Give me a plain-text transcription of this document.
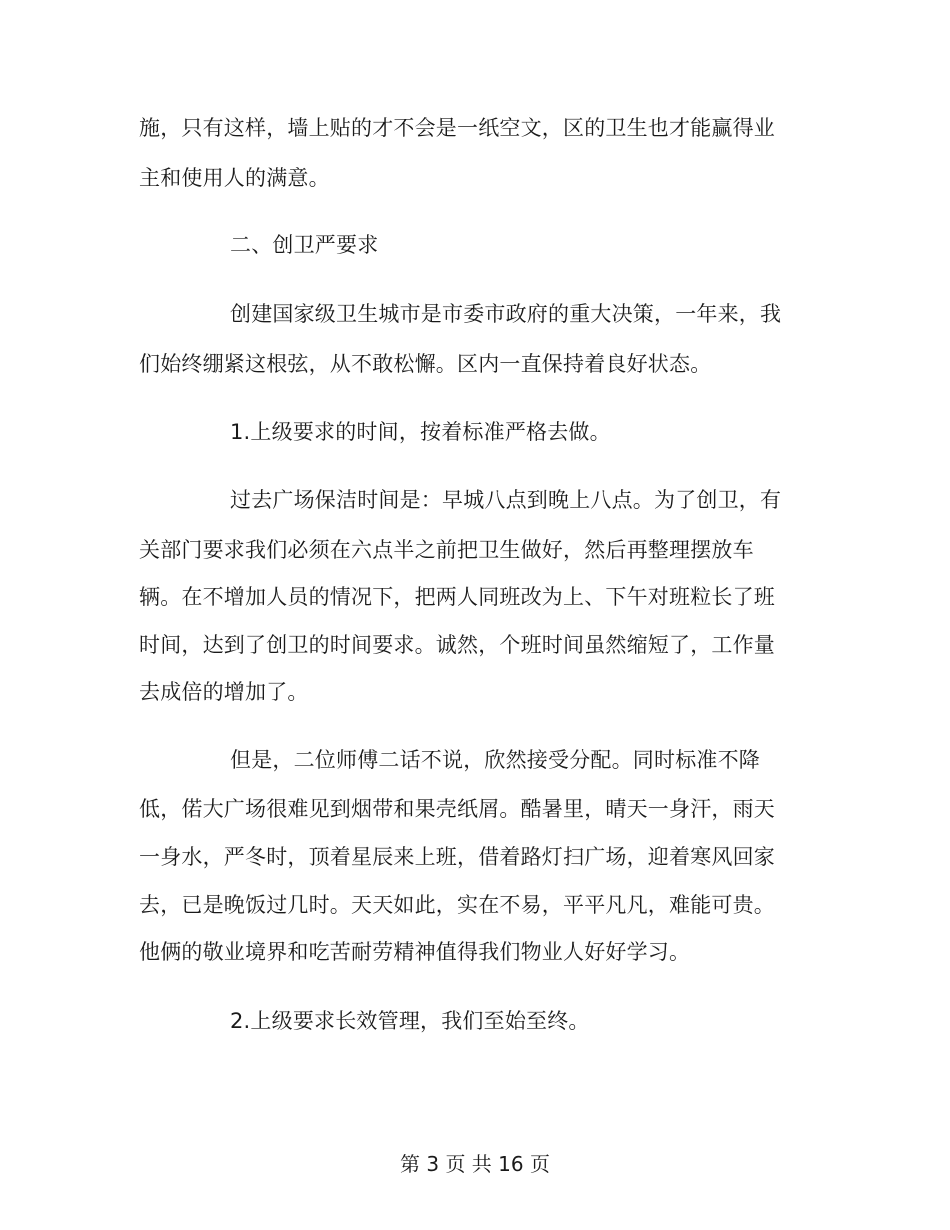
施，只有这样，墙上贴的才不会是一纸空文，区的卫生也才能赢得业
主和使用人的满意。
二、创卫严要求
创建国家级卫生城市是市委市政府的重大决策，一年来，我
们始终绷紧这根弦，从不敢松懈。区内一直保持着良好状态。
1.上级要求的时间，按着标准严格去做。
过去广场保洁时间是：早城八点到晚上八点。为了创卫，有
关部门要求我们必须在六点半之前把卫生做好，然后再整理摆放车
辆。在不增加人员的情况下，把两人同班改为上、下午对班粒长了班
时间，达到了创卫的时间要求。诚然，个班时间虽然缩短了，工作量
去成倍的增加了。
但是，二位师傅二话不说，欣然接受分配。同时标准不降
低，偌大广场很难见到烟带和果壳纸屑。酷暑里，晴天一身汗，雨天
一身水，严冬时，顶着星辰来上班，借着路灯扫广场，迎着寒风回家
去，已是晚饭过几时。天天如此，实在不易，平平凡凡，难能可贵。
他俩的敬业境界和吃苦耐劳精神值得我们物业人好好学习。
2.上级要求长效管理，我们至始至终。
第 3 页 共 16 页
